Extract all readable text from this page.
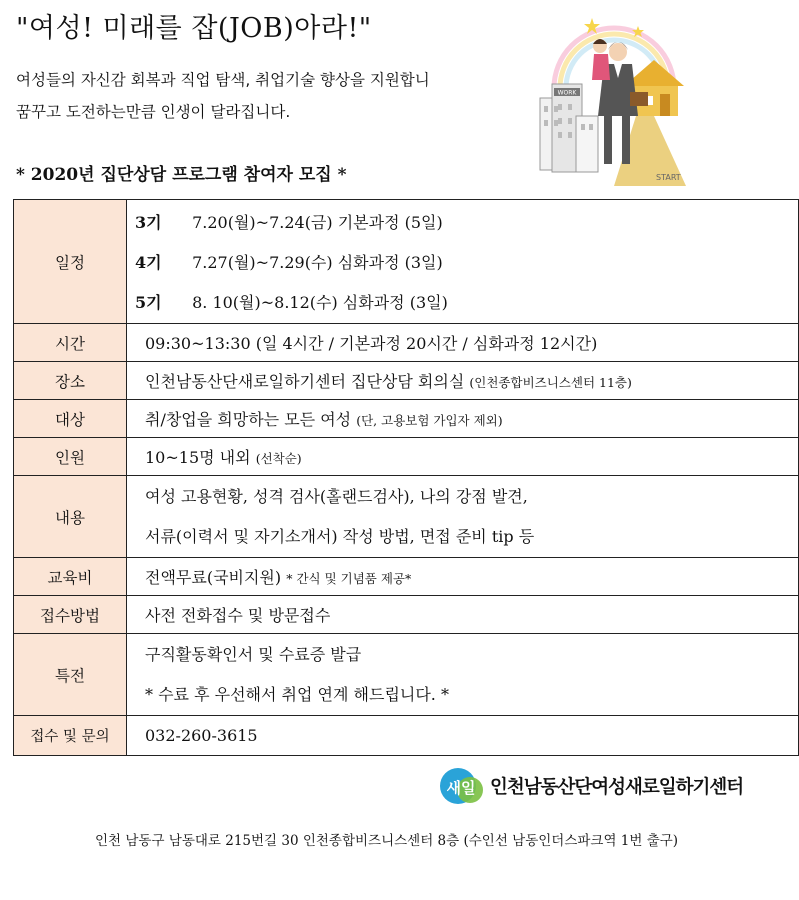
"여성! 미래를 잡(JOB)아라!"
여성들의 자신감 회복과 직업 탐색, 취업기술 향상을 지원합니
꿈꾸고 도전하는만큼 인생이 달라집니다.
WORK
START
* 2020년 집단상담 프로그램 참여자 모집 *
일정	3기 7.20(월)~7.24(금) 기본과정 (5일)
4기 7.27(월)~7.29(수) 심화과정 (3일)
5기 8. 10(월)~8.12(수) 심화과정 (3일)

시간	09:30~13:30 (일 4시간 / 기본과정 20시간 / 심화과정 12시간)
장소	인천남동산단새로일하기센터 집단상담 회의실 (인천종합비즈니스센터 11층)
대상	취/창업을 희망하는 모든 여성 (단, 고용보험 가입자 제외)
인원	10~15명 내외 (선착순)
내용	여성 고용현황, 성격 검사(홀랜드검사), 나의 강점 발견,
서류(이력서 및 자기소개서) 작성 방법, 면접 준비 tip 등

교육비	전액무료(국비지원) * 간식 및 기념품 제공*
접수방법	사전 전화접수 및 방문접수
특전	구직활동확인서 및 수료증 발급
* 수료 후 우선해서 취업 연계 해드립니다. *

접수 및 문의	032-260-3615
새일 인천남동산단여성새로일하기센터
인천 남동구 남동대로 215번길 30 인천종합비즈니스센터 8층 (수인선 남동인더스파크역 1번 출구)
